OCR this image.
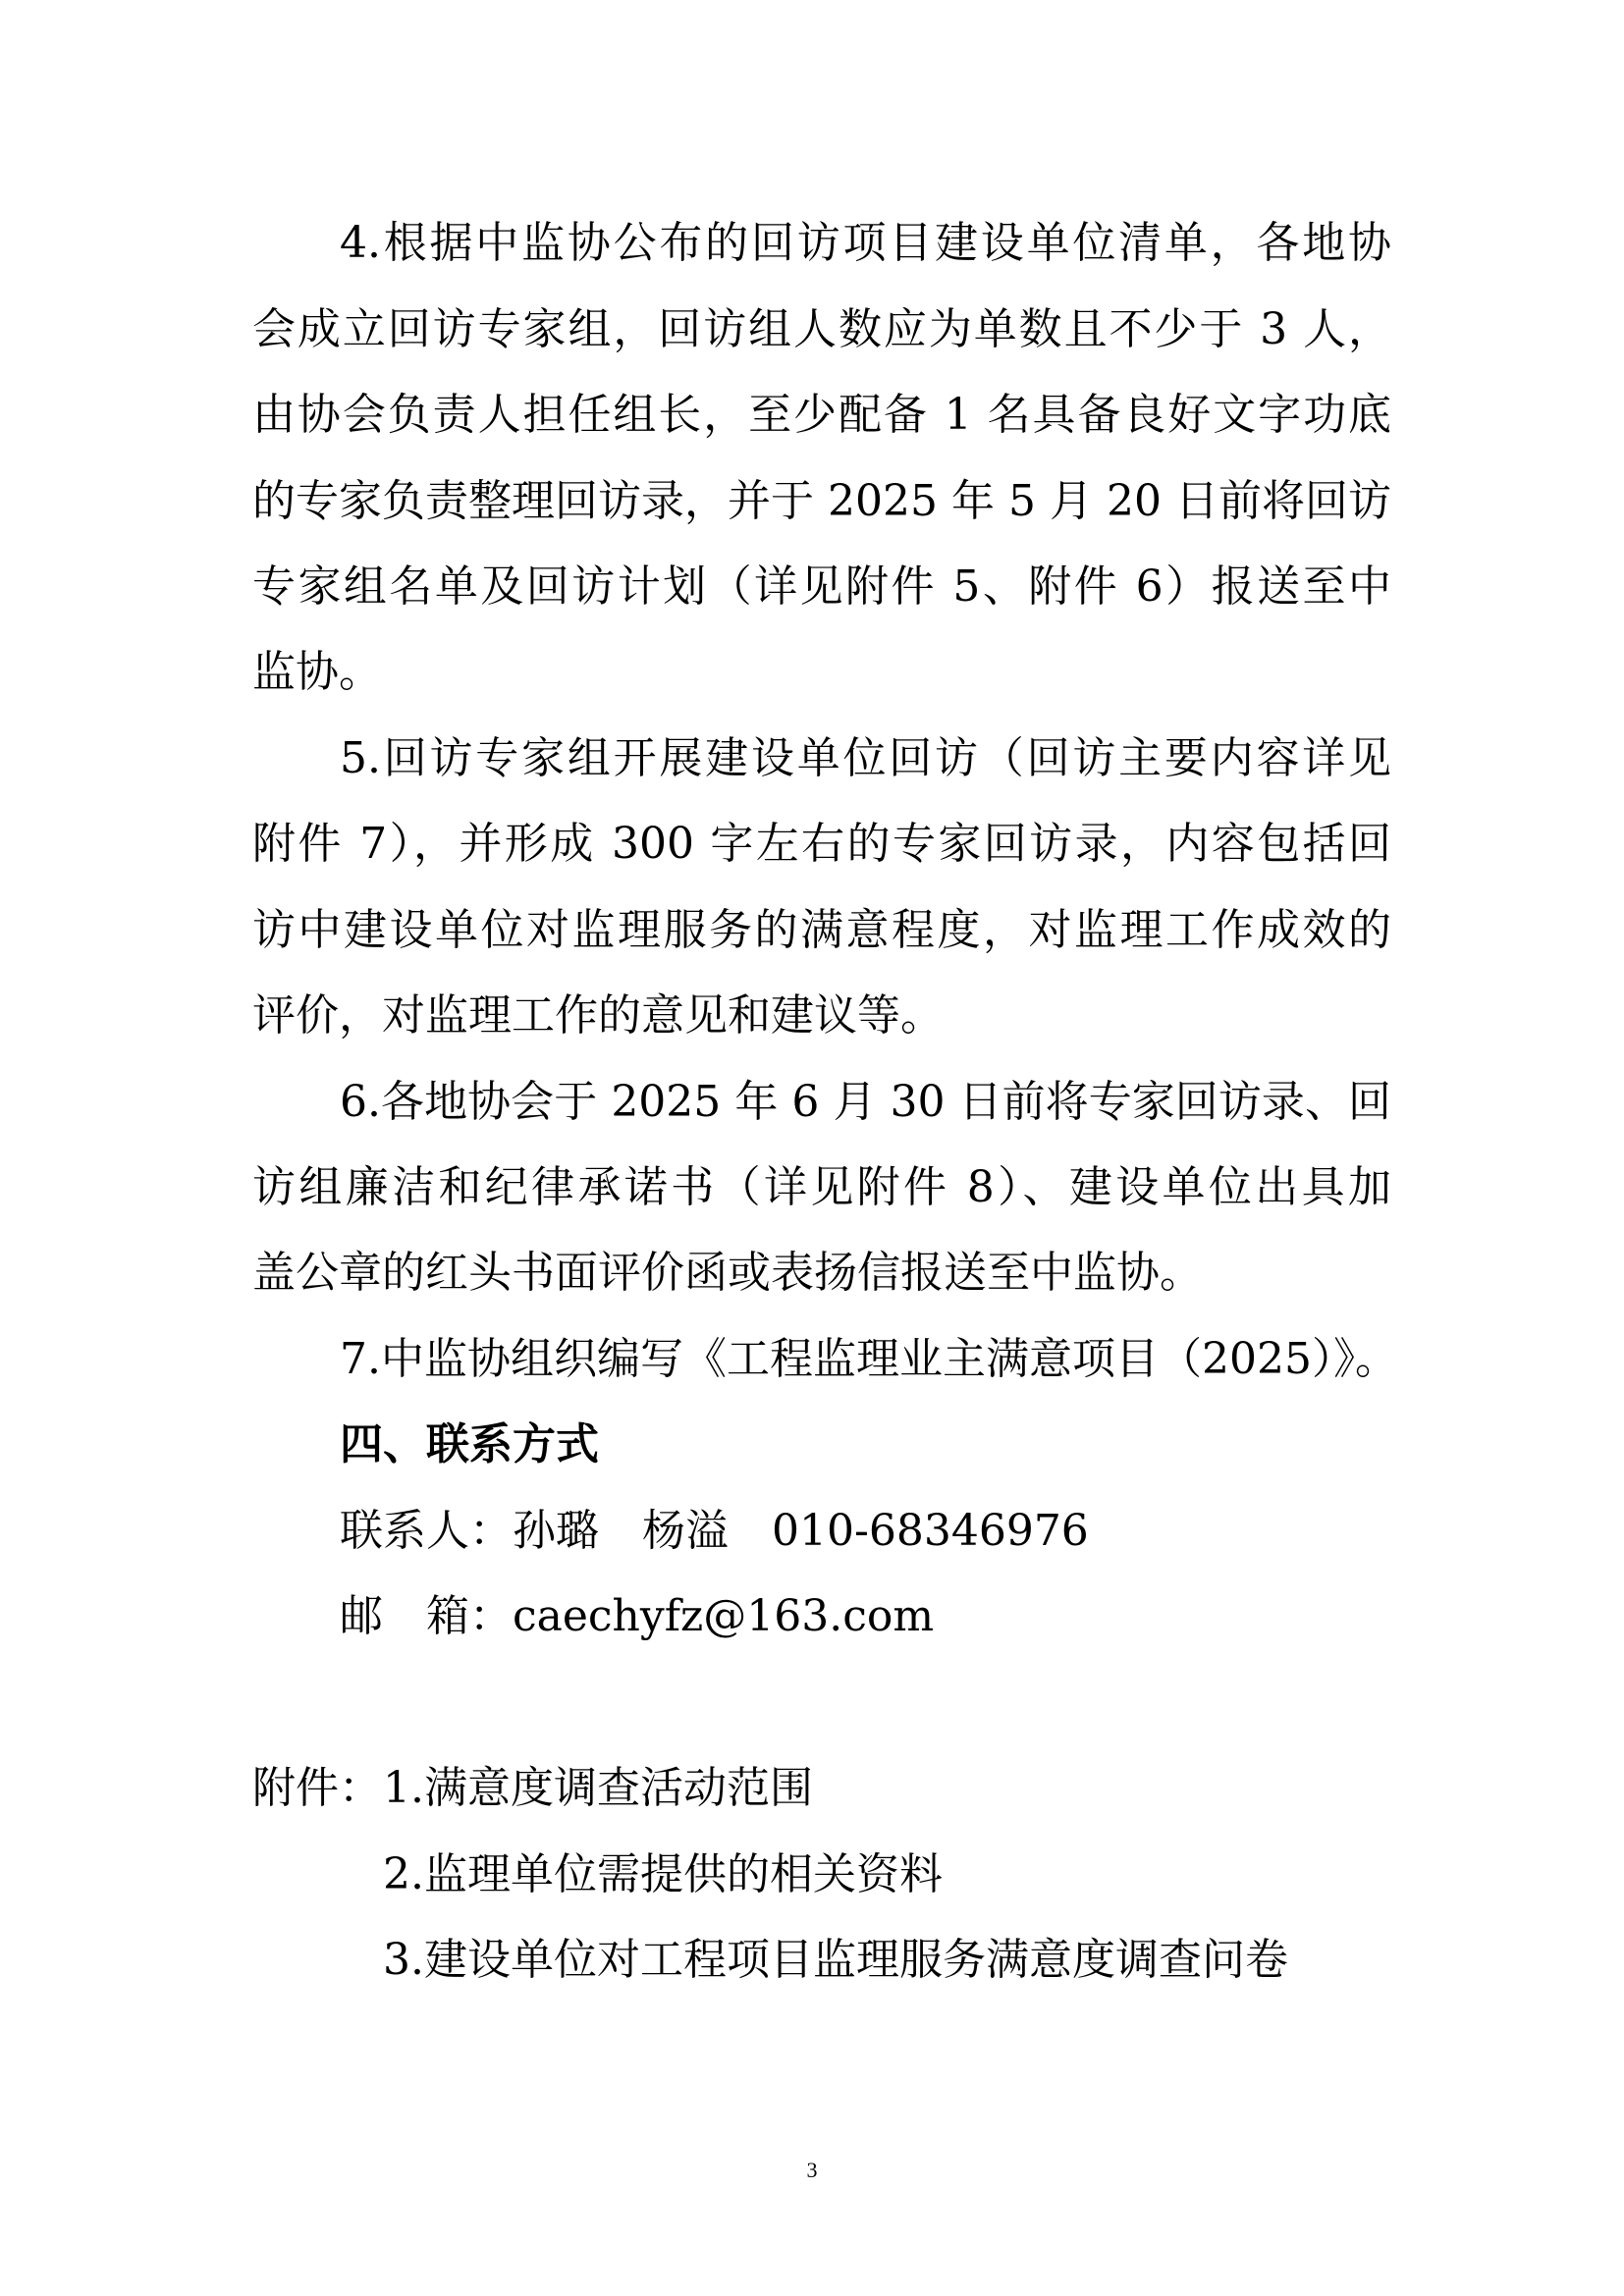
4.根据中监协公布的回访项目建设单位清单，各地协
会成立回访专家组，回访组人数应为单数且不少于 3 人，
由协会负责人担任组长，至少配备 1 名具备良好文字功底
的专家负责整理回访录，并于 2025 年 5 月 20 日前将回访
专家组名单及回访计划（详见附件 5、附件 6）报送至中
监协。
5.回访专家组开展建设单位回访（回访主要内容详见
附件 7），并形成 300 字左右的专家回访录，内容包括回
访中建设单位对监理服务的满意程度，对监理工作成效的
评价，对监理工作的意见和建议等。
6.各地协会于 2025 年 6 月 30 日前将专家回访录、回
访组廉洁和纪律承诺书（详见附件 8）、建设单位出具加
盖公章的红头书面评价函或表扬信报送至中监协。
7.中监协组织编写《工程监理业主满意项目（2025）》。
四、联系方式
联系人：孙璐 杨溢 010-68346976
邮　箱：caechyfz@163.com
附件： 1.满意度调查活动范围
2.监理单位需提供的相关资料
3.建设单位对工程项目监理服务满意度调查问卷
3
